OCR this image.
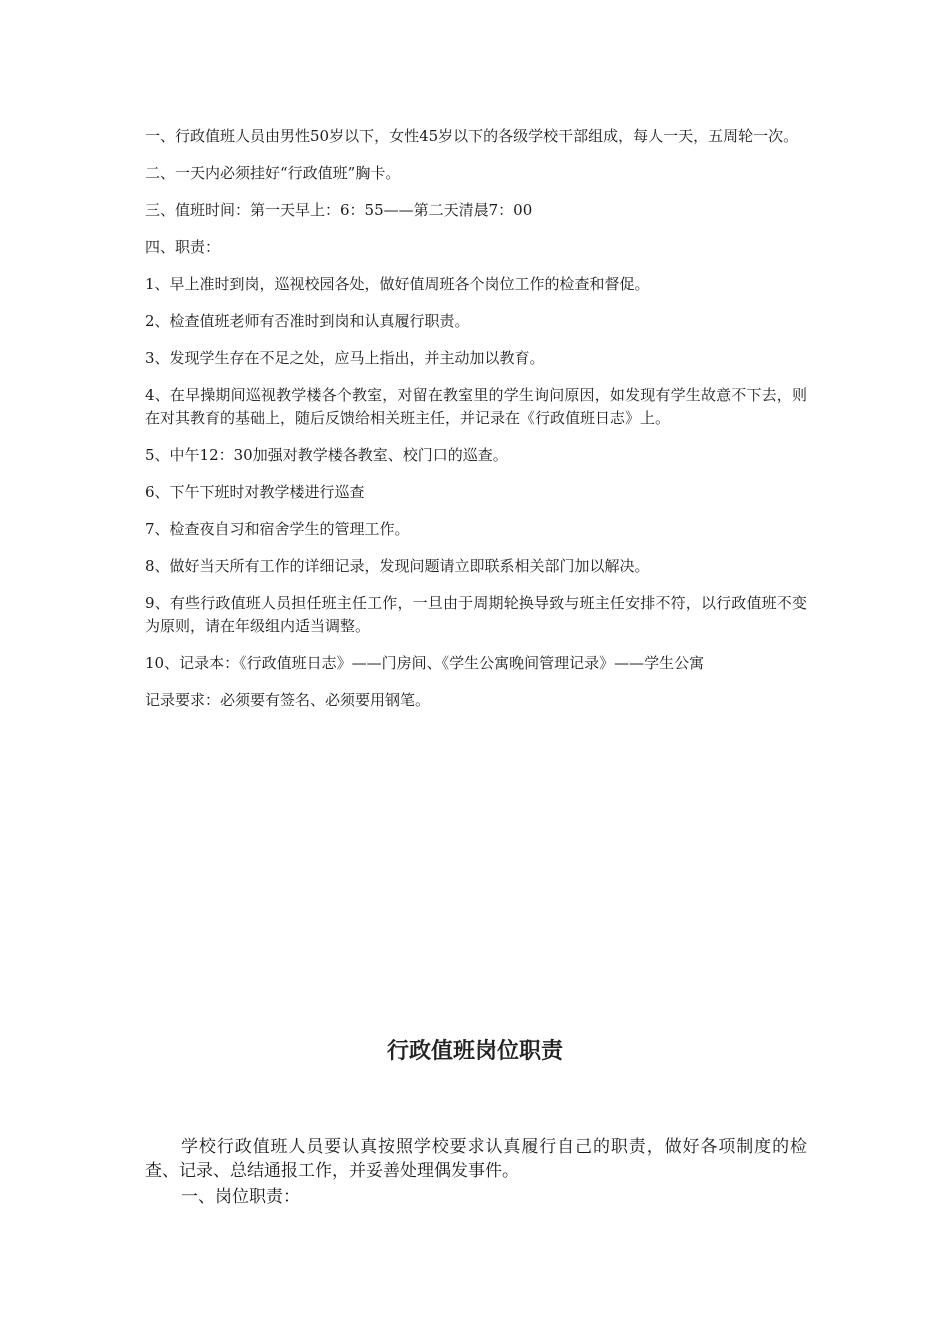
一、行政值班人员由男性50岁以下，女性45岁以下的各级学校干部组成，每人一天，五周轮一次。

二、一天内必须挂好“行政值班”胸卡。

三、值班时间：第一天早上：6：55——第二天清晨7：00

四、职责：

1、早上准时到岗，巡视校园各处，做好值周班各个岗位工作的检查和督促。

2、检查值班老师有否准时到岗和认真履行职责。

3、发现学生存在不足之处，应马上指出，并主动加以教育。

4、在早操期间巡视教学楼各个教室，对留在教室里的学生询问原因，如发现有学生故意不下去，则在对其教育的基础上，随后反馈给相关班主任，并记录在《行政值班日志》上。

5、中午12：30加强对教学楼各教室、校门口的巡查。

6、下午下班时对教学楼进行巡查

7、检查夜自习和宿舍学生的管理工作。

8、做好当天所有工作的详细记录，发现问题请立即联系相关部门加以解决。

9、有些行政值班人员担任班主任工作，一旦由于周期轮换导致与班主任安排不符，以行政值班不变为原则，请在年级组内适当调整。

10、记录本：《行政值班日志》——门房间、《学生公寓晚间管理记录》——学生公寓

记录要求：必须要有签名、必须要用钢笔。

行政值班岗位职责

学校行政值班人员要认真按照学校要求认真履行自己的职责，做好各项制度的检查、记录、总结通报工作，并妥善处理偶发事件。

一、岗位职责：
